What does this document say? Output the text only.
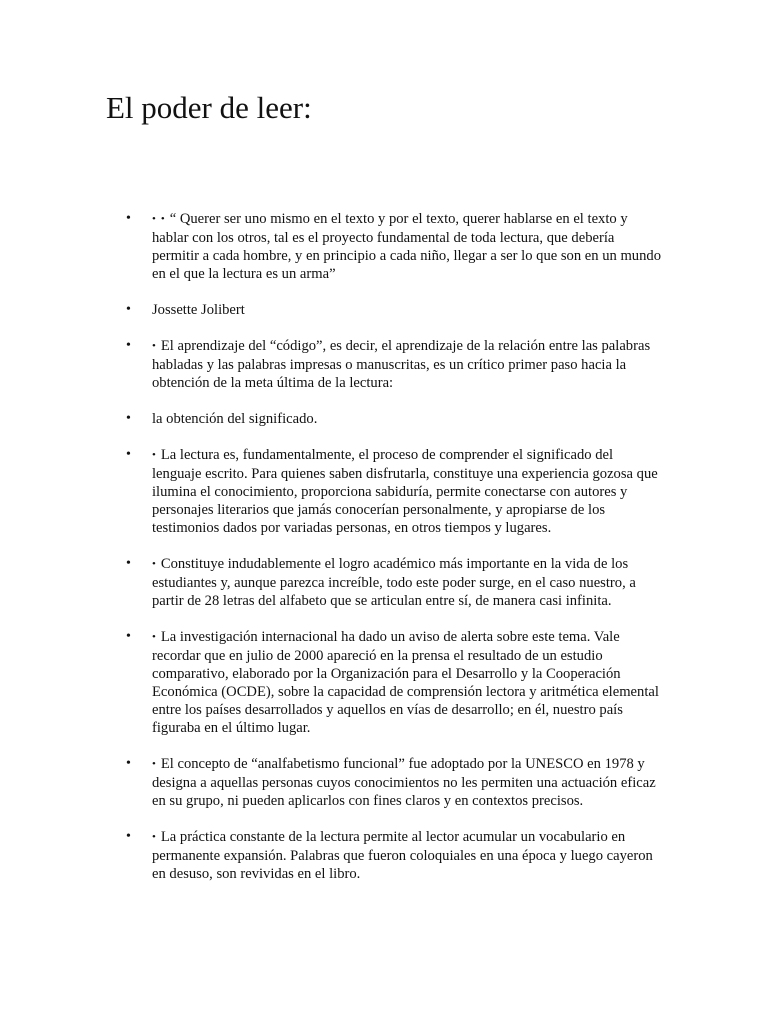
El poder de leer:
• • • “ Querer ser uno mismo en el texto y por el texto, querer hablarse en el texto y hablar con los otros, tal es el proyecto fundamental de toda lectura, que debería permitir a cada hombre, y en principio a cada niño, llegar a ser lo que son en un mundo en el que la lectura es un arma”
• Jossette Jolibert
• • El aprendizaje del “código”, es decir, el aprendizaje de la relación entre las palabras habladas y las palabras impresas o manuscritas, es un crítico primer paso hacia la obtención de la meta última de la lectura:
• la obtención del significado.
• • La lectura es, fundamentalmente, el proceso de comprender el significado del lenguaje escrito. Para quienes saben disfrutarla, constituye una experiencia gozosa que ilumina el conocimiento, proporciona sabiduría, permite conectarse con autores y personajes literarios que jamás conocerían personalmente, y apropiarse de los testimonios dados por variadas personas, en otros tiempos y lugares.
• • Constituye indudablemente el logro académico más importante en la vida de los estudiantes y, aunque parezca increíble, todo este poder surge, en el caso nuestro, a partir de 28 letras del alfabeto que se articulan entre sí, de manera casi infinita.
• • La investigación internacional ha dado un aviso de alerta sobre este tema. Vale recordar que en julio de 2000 apareció en la prensa el resultado de un estudio comparativo, elaborado por la Organización para el Desarrollo y la Cooperación Económica (OCDE), sobre la capacidad de comprensión lectora y aritmética elemental entre los países desarrollados y aquellos en vías de desarrollo; en él, nuestro país figuraba en el último lugar.
• • El concepto de “analfabetismo funcional” fue adoptado por la UNESCO en 1978 y designa a aquellas personas cuyos conocimientos no les permiten una actuación eficaz en su grupo, ni pueden aplicarlos con fines claros y en contextos precisos.
• • La práctica constante de la lectura permite al lector acumular un vocabulario en permanente expansión. Palabras que fueron coloquiales en una época y luego cayeron en desuso, son revividas en el libro.
